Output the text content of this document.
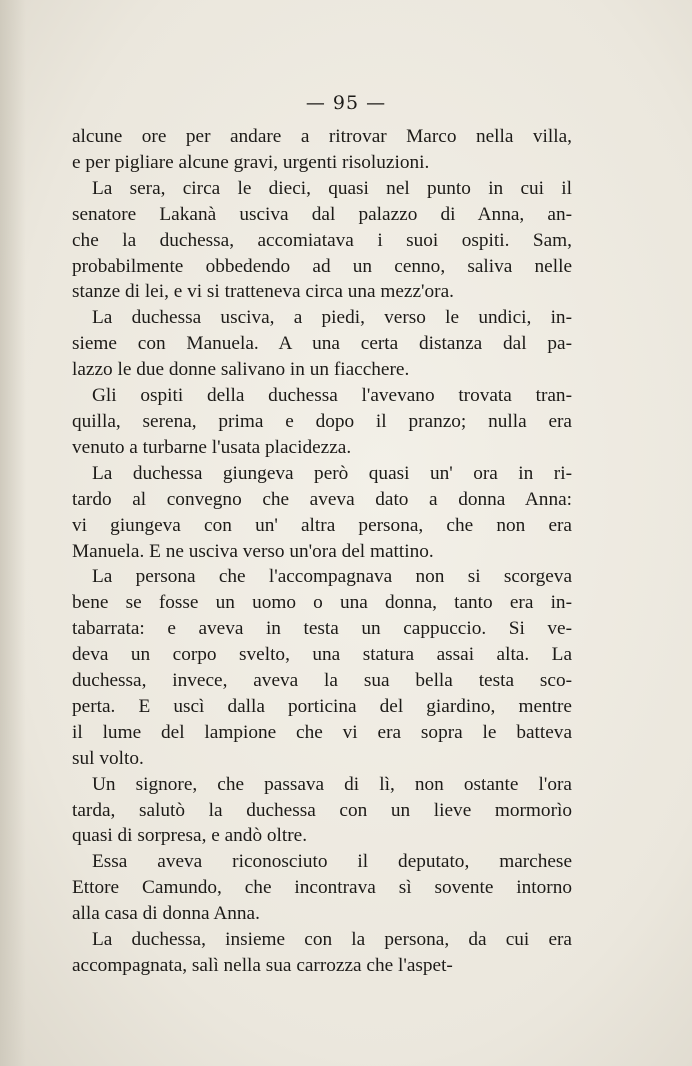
— 95 —
alcune ore per andare a ritrovar Marco nella villa,
e per pigliare alcune gravi, urgenti risoluzioni.
La sera, circa le dieci, quasi nel punto in cui il
senatore Lakanà usciva dal palazzo di Anna, an-
che la duchessa, accomiatava i suoi ospiti. Sam,
probabilmente obbedendo ad un cenno, saliva nelle
stanze di lei, e vi si tratteneva circa una mezz'ora.
La duchessa usciva, a piedi, verso le undici, in-
sieme con Manuela. A una certa distanza dal pa-
lazzo le due donne salivano in un fiacchere.
Gli ospiti della duchessa l'avevano trovata tran-
quilla, serena, prima e dopo il pranzo; nulla era
venuto a turbarne l'usata placidezza.
La duchessa giungeva però quasi un' ora in ri-
tardo al convegno che aveva dato a donna Anna:
vi giungeva con un' altra persona, che non era
Manuela. E ne usciva verso un'ora del mattino.
La persona che l'accompagnava non si scorgeva
bene se fosse un uomo o una donna, tanto era in-
tabarrata: e aveva in testa un cappuccio. Si ve-
deva un corpo svelto, una statura assai alta. La
duchessa, invece, aveva la sua bella testa sco-
perta. E uscì dalla porticina del giardino, mentre
il lume del lampione che vi era sopra le batteva
sul volto.
Un signore, che passava di lì, non ostante l'ora
tarda, salutò la duchessa con un lieve mormorìo
quasi di sorpresa, e andò oltre.
Essa aveva riconosciuto il deputato, marchese
Ettore Camundo, che incontrava sì sovente intorno
alla casa di donna Anna.
La duchessa, insieme con la persona, da cui era
accompagnata, salì nella sua carrozza che l'aspet-
